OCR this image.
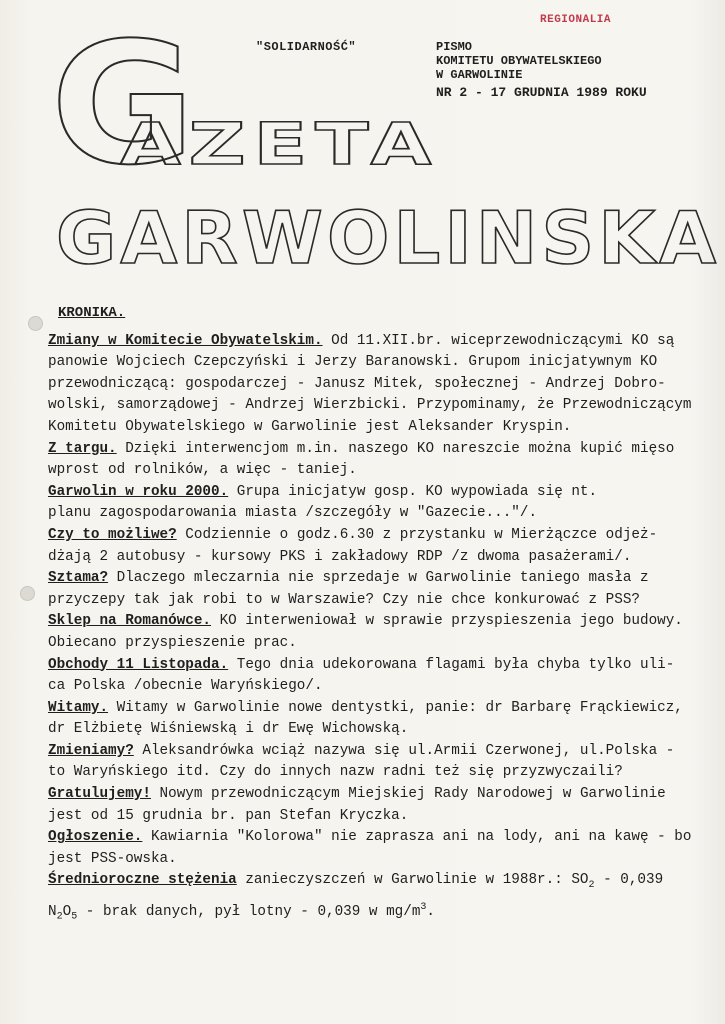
REGIONALIA
"SOLIDARNOŚĆ"	PISMO
KOMITETU OBYWATELSKIEGO
W GARWOLINIE
NR 2 - 17 GRUDNIA 1989 ROKU
G
AZETA
GARWOLINSKA
KRONIKA.
Zmiany w Komitecie Obywatelskim. Od 11.XII.br. wiceprzewodniczącymi KO są
panowie Wojciech Czepczyński i Jerzy Baranowski. Grupom inicjatywnym KO
przewodniczącą: gospodarczej - Janusz Mitek, społecznej - Andrzej Dobro-
wolski, samorządowej - Andrzej Wierzbicki. Przypominamy, że Przewodniczącym
Komitetu Obywatelskiego w Garwolinie jest Aleksander Kryspin.
Z targu. Dzięki interwencjom m.in. naszego KO nareszcie można kupić mięso
wprost od rolników, a więc - taniej.
Garwolin w roku 2000. Grupa inicjatyw gosp. KO wypowiada się nt.
planu zagospodarowania miasta /szczegóły w "Gazecie..."/.
Czy to możliwe? Codziennie o godz.6.30 z przystanku w Mierżączce odjeż-
dżają 2 autobusy - kursowy PKS i zakładowy RDP /z dwoma pasażerami/.
Sztama? Dlaczego mleczarnia nie sprzedaje w Garwolinie taniego masła z
przyczepy tak jak robi to w Warszawie? Czy nie chce konkurować z PSS?
Sklep na Romanówce. KO interweniował w sprawie przyspieszenia jego budowy.
Obiecano przyspieszenie prac.
Obchody 11 Listopada. Tego dnia udekorowana flagami była chyba tylko uli-
ca Polska /obecnie Waryńskiego/.
Witamy. Witamy w Garwolinie nowe dentystki, panie: dr Barbarę Frąckiewicz,
dr Elżbietę Wiśniewską i dr Ewę Wichowską.
Zmieniamy? Aleksandrówka wciąż nazywa się ul.Armii Czerwonej, ul.Polska -
to Waryńskiego itd. Czy do innych nazw radni też się przyzwyczaili?
Gratulujemy! Nowym przewodniczącym Miejskiej Rady Narodowej w Garwolinie
jest od 15 grudnia br. pan Stefan Kryczka.
Ogłoszenie. Kawiarnia "Kolorowa" nie zaprasza ani na lody, ani na kawę - bo
jest PSS-owska.
Średnioroczne stężenia zanieczyszczeń w Garwolinie w 1988r.: $SO_2 - 0,039$
$N_2O_5$ - brak danych, pył lotny - 0,039 w $mg/m^3$.
